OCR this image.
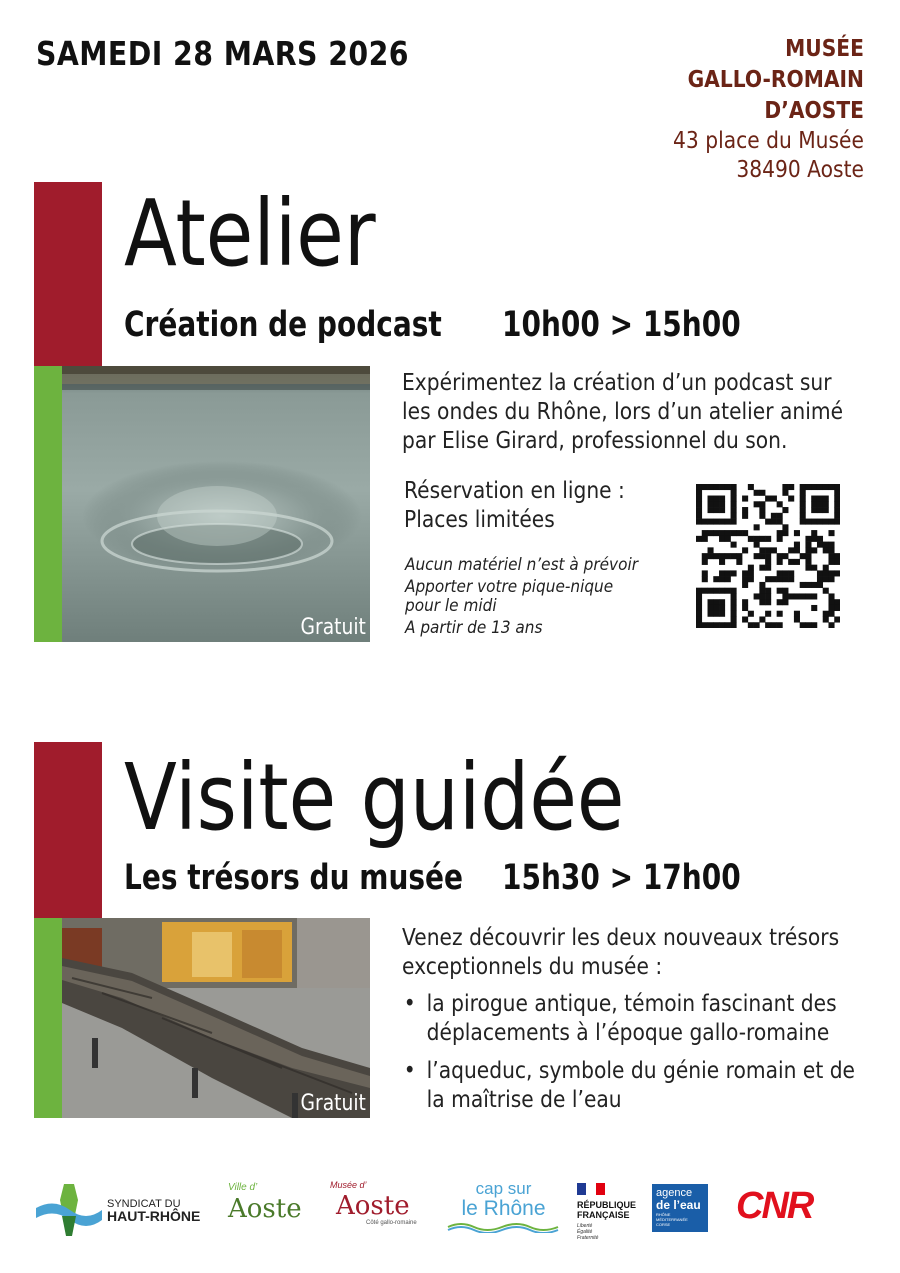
SAMEDI 28 MARS 2026	MUSÉE
GALLO-ROMAIN
D’AOSTE
43 place du Musée
38490 Aoste
Atelier
Création de podcast 10h00 > 15h00
Gratuit
Expérimentez la création d’un podcast sur les ondes du Rhône, lors d’un atelier animé par Elise Girard, professionnel du son.
Réservation en ligne :
Places limitées
Aucun matériel n’est à prévoir
Apporter votre pique-nique
pour le midi
A partir de 13 ans
Visite guidée
Les trésors du musée 15h30 > 17h00
Gratuit
Venez découvrir les deux nouveaux trésors exceptionnels du musée :
• la pirogue antique, témoin fascinant des déplacements à l’époque gallo-romaine
• l’aqueduc, symbole du génie romain et de la maîtrise de l’eau
SYNDICAT DU
HAUT-RHÔNE
Ville d’
Aoste
Musée d’
Aoste
Côté gallo-romaine
cap sur
le Rhône	RÉPUBLIQUE
FRANÇAISE
Liberté
Égalité
Fraternité
agence
de l’eau
RHÔNE
MÉDITERRANÉE
CORSE	CNR
